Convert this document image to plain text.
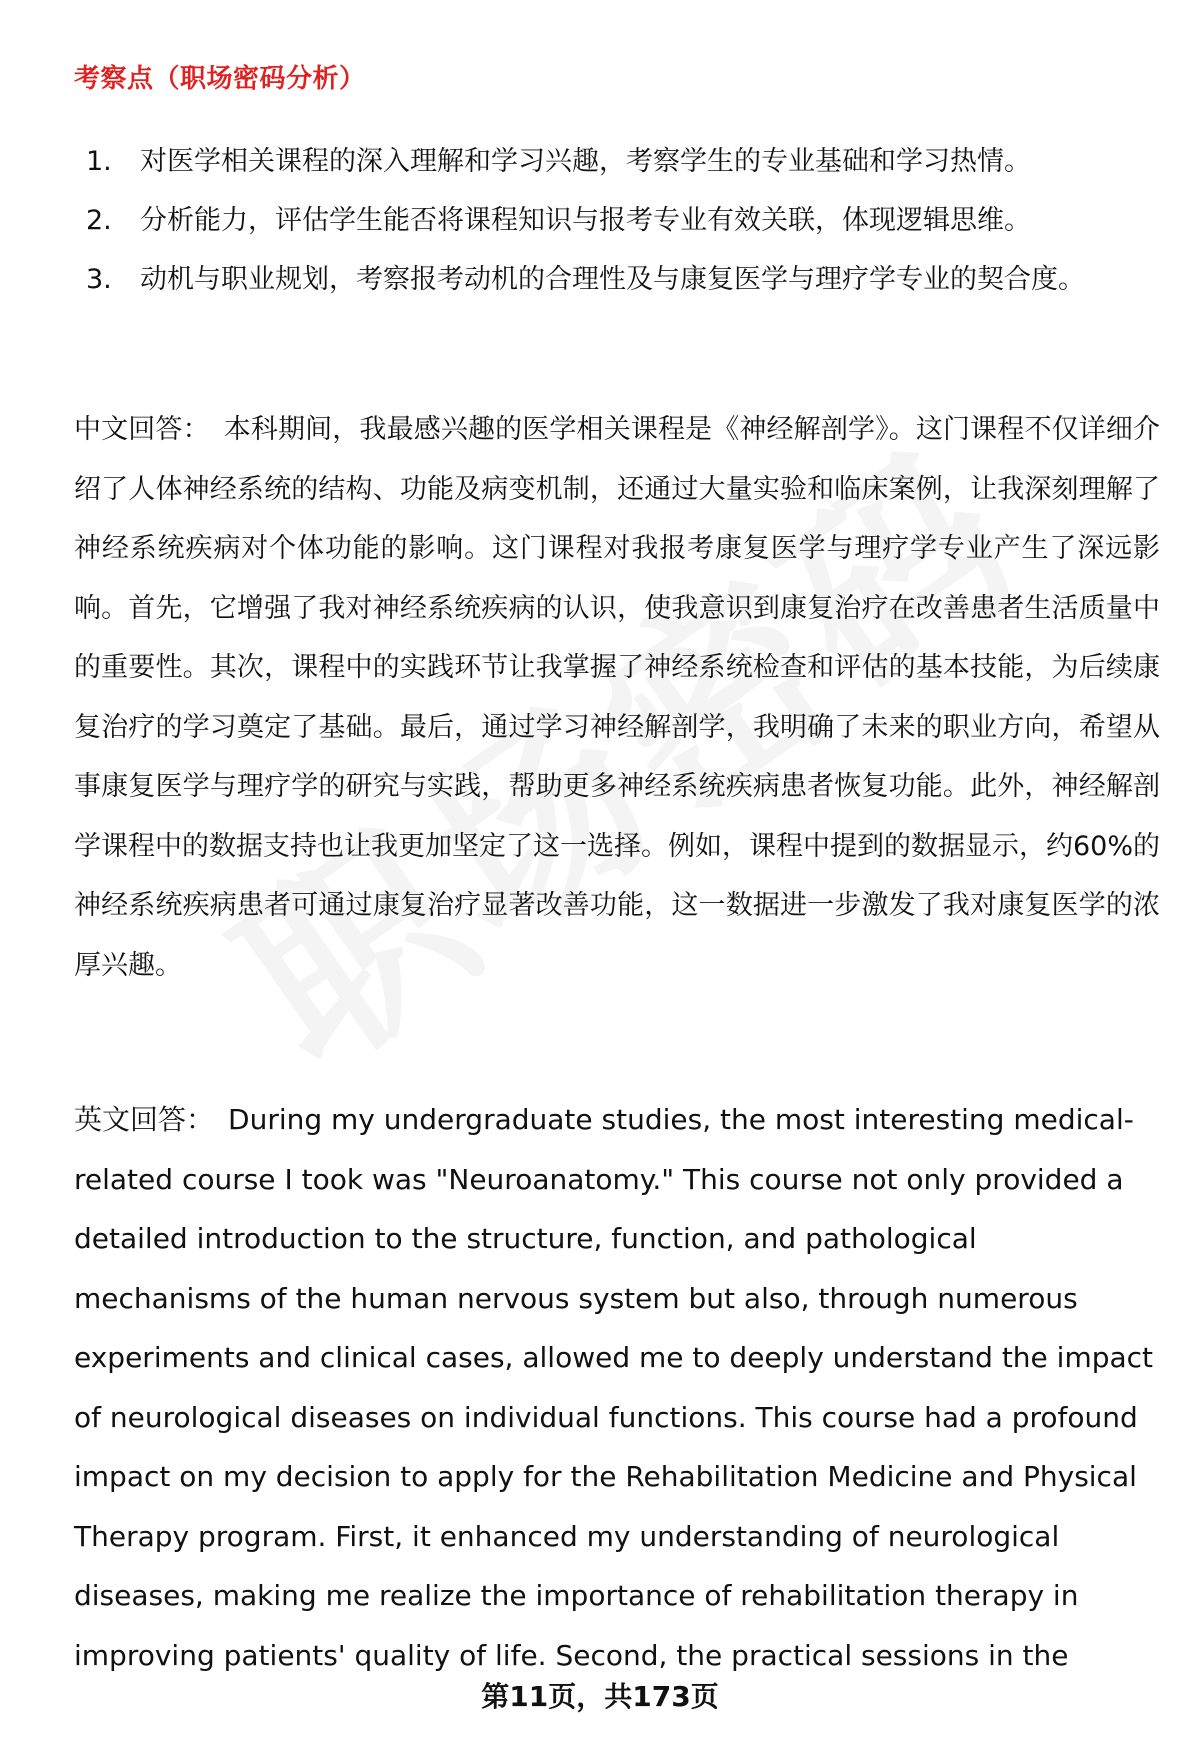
考察点（职场密码分析）
1.	对医学相关课程的深入理解和学习兴趣，考察学生的专业基础和学习热情。
2.	分析能力，评估学生能否将课程知识与报考专业有效关联，体现逻辑思维。
3.	动机与职业规划，考察报考动机的合理性及与康复医学与理疗学专业的契合度。

中文回答： 本科期间，我最感兴趣的医学相关课程是《神经解剖学》。这门课程不仅详细介绍了人体神经系统的结构、功能及病变机制，还通过大量实验和临床案例，让我深刻理解了神经系统疾病对个体功能的影响。这门课程对我报考康复医学与理疗学专业产生了深远影响。首先，它增强了我对神经系统疾病的认识，使我意识到康复治疗在改善患者生活质量中的重要性。其次，课程中的实践环节让我掌握了神经系统检查和评估的基本技能，为后续康复治疗的学习奠定了基础。最后，通过学习神经解剖学，我明确了未来的职业方向，希望从事康复医学与理疗学的研究与实践，帮助更多神经系统疾病患者恢复功能。此外，神经解剖学课程中的数据支持也让我更加坚定了这一选择。例如，课程中提到的数据显示，约60%的神经系统疾病患者可通过康复治疗显著改善功能，这一数据进一步激发了我对康复医学的浓厚兴趣。

英文回答： During my undergraduate studies, the most interesting medical-related course I took was "Neuroanatomy." This course not only provided a detailed introduction to the structure, function, and pathological mechanisms of the human nervous system but also, through numerous experiments and clinical cases, allowed me to deeply understand the impact of neurological diseases on individual functions. This course had a profound impact on my decision to apply for the Rehabilitation Medicine and Physical Therapy program. First, it enhanced my understanding of neurological diseases, making me realize the importance of rehabilitation therapy in improving patients' quality of life. Second, the practical sessions in the

第11页，共173页
